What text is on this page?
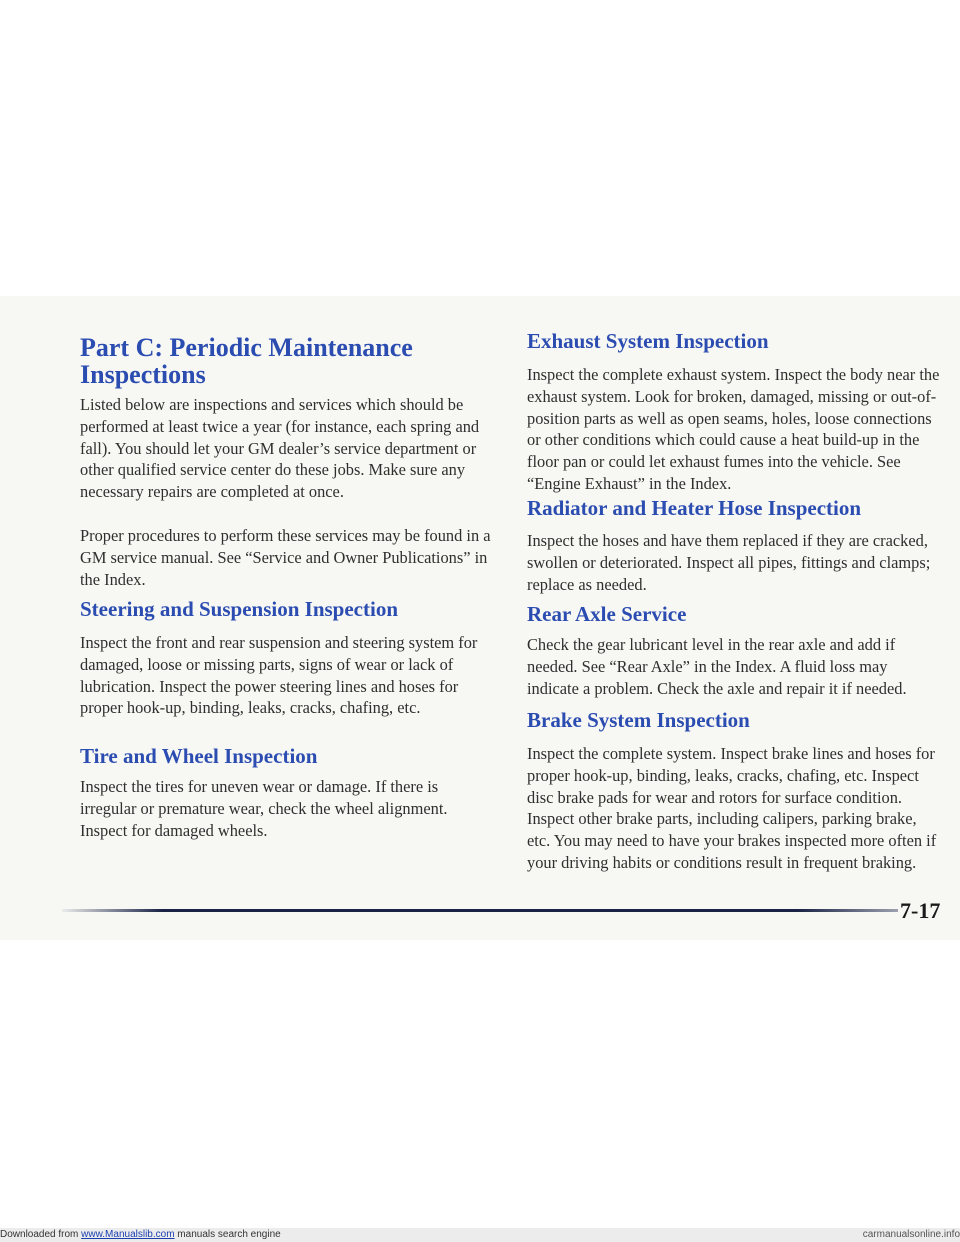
Part C: Periodic Maintenance
Inspections

Listed below are inspections and services which should be performed at least twice a year (for instance, each spring and fall). You should let your GM dealer’s service department or other qualified service center do these jobs. Make sure any necessary repairs are completed at once.

Proper procedures to perform these services may be found in a GM service manual. See “Service and Owner Publications” in the Index.

Steering and Suspension Inspection

Inspect the front and rear suspension and steering system for damaged, loose or missing parts, signs of wear or lack of lubrication. Inspect the power steering lines and hoses for proper hook-up, binding, leaks, cracks, chafing, etc.

Tire and Wheel Inspection

Inspect the tires for uneven wear or damage. If there is irregular or premature wear, check the wheel alignment. Inspect for damaged wheels.

Exhaust System Inspection

Inspect the complete exhaust system. Inspect the body near the exhaust system. Look for broken, damaged, missing or out-of-position parts as well as open seams, holes, loose connections or other conditions which could cause a heat build-up in the floor pan or could let exhaust fumes into the vehicle. See “Engine Exhaust” in the Index.

Radiator and Heater Hose Inspection

Inspect the hoses and have them replaced if they are cracked, swollen or deteriorated. Inspect all pipes, fittings and clamps; replace as needed.

Rear Axle Service

Check the gear lubricant level in the rear axle and add if needed. See “Rear Axle” in the Index. A fluid loss may indicate a problem. Check the axle and repair it if needed.

Brake System Inspection

Inspect the complete system. Inspect brake lines and hoses for proper hook-up, binding, leaks, cracks, chafing, etc. Inspect disc brake pads for wear and rotors for surface condition. Inspect other brake parts, including calipers, parking brake, etc. You may need to have your brakes inspected more often if your driving habits or conditions result in frequent braking.

7-17
Downloaded from www.Manualslib.com manuals search engine	carmanualsonline.info
